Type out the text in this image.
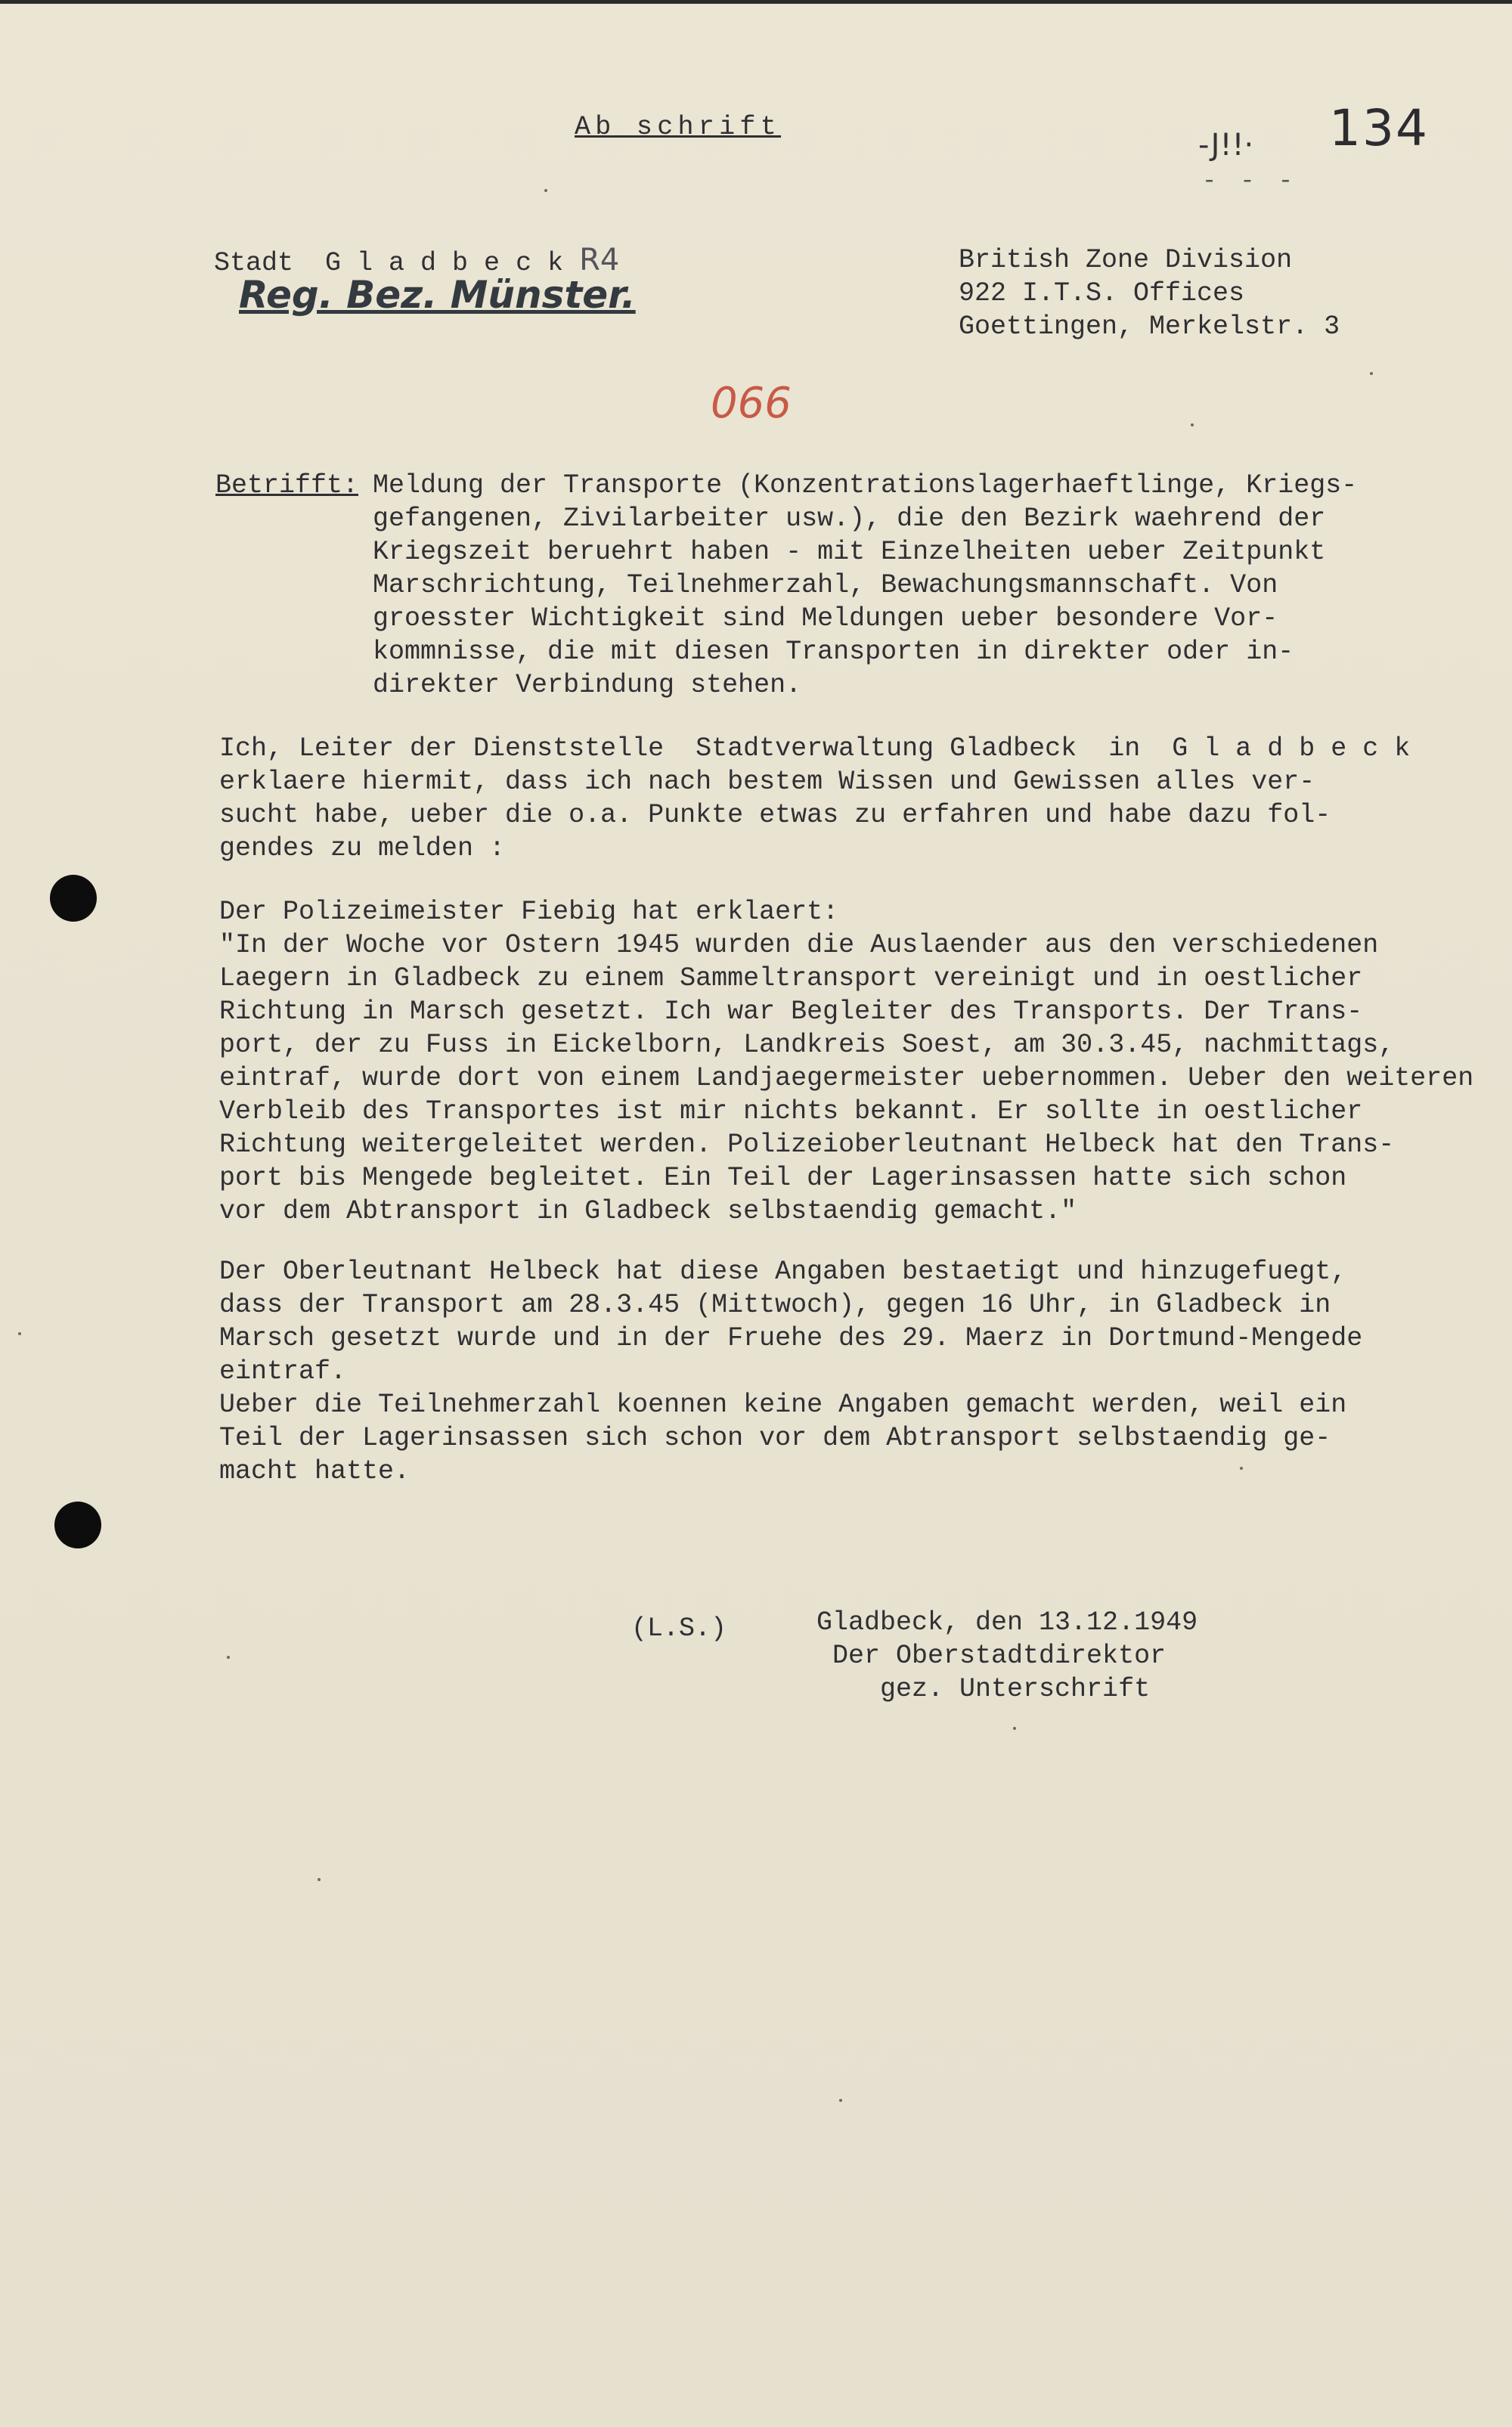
Ab schrift
-J!!· 134
- - -
Stadt  G l a d b e c k R4
Reg. Bez. Münster.
British Zone Division
922 I.T.S. Offices
Goettingen, Merkelstr. 3
066
Betrifft: Meldung der Transporte (Konzentrationslagerhaeftlinge, Kriegs-
gefangenen, Zivilarbeiter usw.), die den Bezirk waehrend der
Kriegszeit beruehrt haben - mit Einzelheiten ueber Zeitpunkt
Marschrichtung, Teilnehmerzahl, Bewachungsmannschaft. Von
groesster Wichtigkeit sind Meldungen ueber besondere Vor-
kommnisse, die mit diesen Transporten in direkter oder in-
direkter Verbindung stehen.
Ich, Leiter der Dienststelle  Stadtverwaltung Gladbeck  in  G l a d b e c k
erklaere hiermit, dass ich nach bestem Wissen und Gewissen alles ver-
sucht habe, ueber die o.a. Punkte etwas zu erfahren und habe dazu fol-
gendes zu melden :
Der Polizeimeister Fiebig hat erklaert:
"In der Woche vor Ostern 1945 wurden die Auslaender aus den verschiedenen
Laegern in Gladbeck zu einem Sammeltransport vereinigt und in oestlicher
Richtung in Marsch gesetzt. Ich war Begleiter des Transports. Der Trans-
port, der zu Fuss in Eickelborn, Landkreis Soest, am 30.3.45, nachmittags,
eintraf, wurde dort von einem Landjaegermeister uebernommen. Ueber den weiteren
Verbleib des Transportes ist mir nichts bekannt. Er sollte in oestlicher
Richtung weitergeleitet werden. Polizeioberleutnant Helbeck hat den Trans-
port bis Mengede begleitet. Ein Teil der Lagerinsassen hatte sich schon
vor dem Abtransport in Gladbeck selbstaendig gemacht."
Der Oberleutnant Helbeck hat diese Angaben bestaetigt und hinzugefuegt,
dass der Transport am 28.3.45 (Mittwoch), gegen 16 Uhr, in Gladbeck in
Marsch gesetzt wurde und in der Fruehe des 29. Maerz in Dortmund-Mengede
eintraf.
Ueber die Teilnehmerzahl koennen keine Angaben gemacht werden, weil ein
Teil der Lagerinsassen sich schon vor dem Abtransport selbstaendig ge-
macht hatte.
(L.S.)	Gladbeck, den 13.12.1949
Der Oberstadtdirektor
gez. Unterschrift
